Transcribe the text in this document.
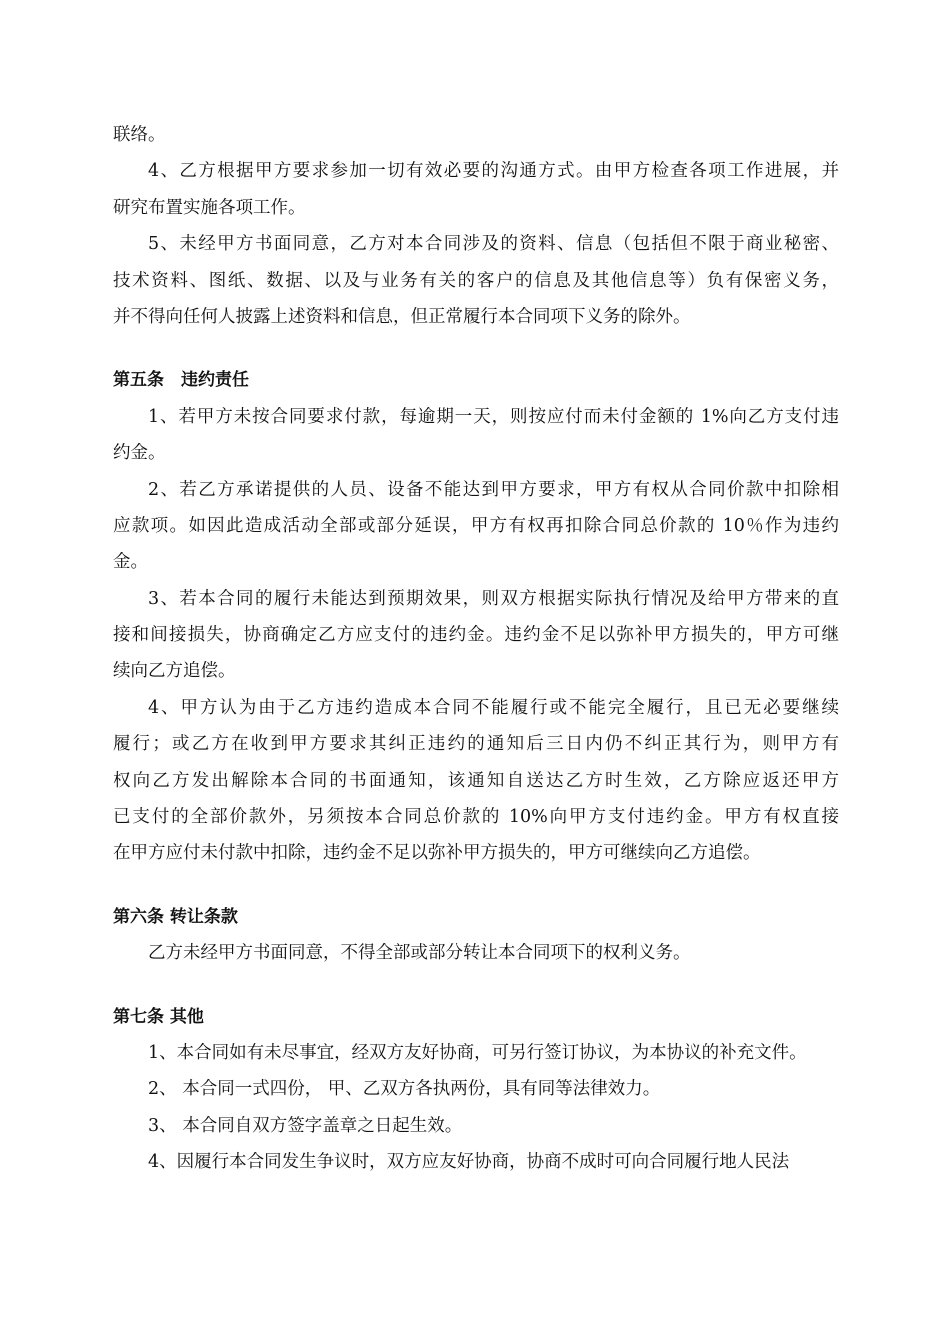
联络。
4、乙方根据甲方要求参加一切有效必要的沟通方式。由甲方检查各项工作进展，并
研究布置实施各项工作。
5、未经甲方书面同意，乙方对本合同涉及的资料、信息（包括但不限于商业秘密、
技术资料、图纸、数据、以及与业务有关的客户的信息及其他信息等）负有保密义务，
并不得向任何人披露上述资料和信息，但正常履行本合同项下义务的除外。
第五条　违约责任
1、若甲方未按合同要求付款，每逾期一天，则按应付而未付金额的 1%向乙方支付违
约金。
2、若乙方承诺提供的人员、设备不能达到甲方要求，甲方有权从合同价款中扣除相
应款项。如因此造成活动全部或部分延误，甲方有权再扣除合同总价款的 10％作为违约
金。
3、若本合同的履行未能达到预期效果，则双方根据实际执行情况及给甲方带来的直
接和间接损失，协商确定乙方应支付的违约金。违约金不足以弥补甲方损失的，甲方可继
续向乙方追偿。
4、甲方认为由于乙方违约造成本合同不能履行或不能完全履行，且已无必要继续
履行；或乙方在收到甲方要求其纠正违约的通知后三日内仍不纠正其行为，则甲方有
权向乙方发出解除本合同的书面通知，该通知自送达乙方时生效，乙方除应返还甲方
已支付的全部价款外，另须按本合同总价款的 10%向甲方支付违约金。甲方有权直接
在甲方应付未付款中扣除，违约金不足以弥补甲方损失的，甲方可继续向乙方追偿。
第六条 转让条款
乙方未经甲方书面同意，不得全部或部分转让本合同项下的权利义务。
第七条 其他
1、本合同如有未尽事宜，经双方友好协商，可另行签订协议，为本协议的补充文件。
2、 本合同一式四份， 甲、乙双方各执两份，具有同等法律效力。
3、 本合同自双方签字盖章之日起生效。
4、因履行本合同发生争议时，双方应友好协商，协商不成时可向合同履行地人民法
